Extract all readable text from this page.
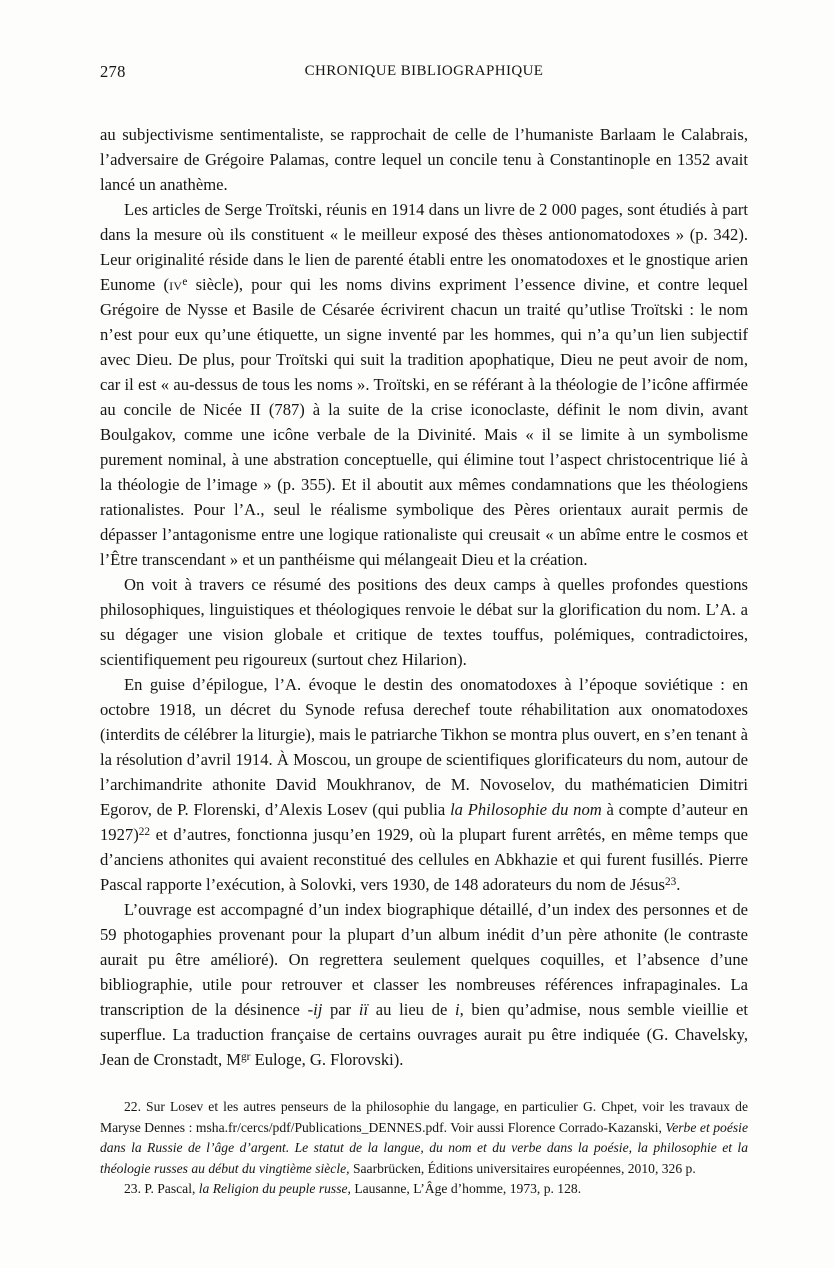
278	CHRONIQUE BIBLIOGRAPHIQUE

au subjectivisme sentimentaliste, se rapprochait de celle de l’humaniste Barlaam le Calabrais, l’adversaire de Grégoire Palamas, contre lequel un concile tenu à Constantinople en 1352 avait lancé un anathème.

Les articles de Serge Troïtski, réunis en 1914 dans un livre de 2 000 pages, sont étudiés à part dans la mesure où ils constituent « le meilleur exposé des thèses antionomatodoxes » (p. 342). Leur originalité réside dans le lien de parenté établi entre les onomatodoxes et le gnostique arien Eunome ($iv^e$ siècle), pour qui les noms divins expriment l’essence divine, et contre lequel Grégoire de Nysse et Basile de Césarée écrivirent chacun un traité qu’utlise Troïtski : le nom n’est pour eux qu’une étiquette, un signe inventé par les hommes, qui n’a qu’un lien subjectif avec Dieu. De plus, pour Troïtski qui suit la tradition apophatique, Dieu ne peut avoir de nom, car il est « au-dessus de tous les noms ». Troïtski, en se référant à la théologie de l’icône affirmée au concile de Nicée II (787) à la suite de la crise iconoclaste, définit le nom divin, avant Boulgakov, comme une icône verbale de la Divinité. Mais « il se limite à un symbolisme purement nominal, à une abstration conceptuelle, qui élimine tout l’aspect christocentrique lié à la théologie de l’image » (p. 355). Et il aboutit aux mêmes condamnations que les théologiens rationalistes. Pour l’A., seul le réalisme symbolique des Pères orientaux aurait permis de dépasser l’antagonisme entre une logique rationaliste qui creusait « un abîme entre le cosmos et l’Être transcendant » et un panthéisme qui mélangeait Dieu et la création.

On voit à travers ce résumé des positions des deux camps à quelles profondes questions philosophiques, linguistiques et théologiques renvoie le débat sur la glorification du nom. L’A. a su dégager une vision globale et critique de textes touffus, polémiques, contradictoires, scientifiquement peu rigoureux (surtout chez Hilarion).

En guise d’épilogue, l’A. évoque le destin des onomatodoxes à l’époque soviétique : en octobre 1918, un décret du Synode refusa derechef toute réhabilitation aux onomatodoxes (interdits de célébrer la liturgie), mais le patriarche Tikhon se montra plus ouvert, en s’en tenant à la résolution d’avril 1914. À Moscou, un groupe de scientifiques glorificateurs du nom, autour de l’archimandrite athonite David Moukhranov, de M. Novoselov, du mathématicien Dimitri Egorov, de P. Florenski, d’Alexis Losev (qui publia la Philosophie du nom à compte d’auteur en 1927)$^{22}$ et d’autres, fonctionna jusqu’en 1929, où la plupart furent arrêtés, en même temps que d’anciens athonites qui avaient reconstitué des cellules en Abkhazie et qui furent fusillés. Pierre Pascal rapporte l’exécution, à Solovki, vers 1930, de 148 adorateurs du nom de Jésus$^{23}$.

L’ouvrage est accompagné d’un index biographique détaillé, d’un index des personnes et de 59 photogaphies provenant pour la plupart d’un album inédit d’un père athonite (le contraste aurait pu être amélioré). On regrettera seulement quelques coquilles, et l’absence d’une bibliographie, utile pour retrouver et classer les nombreuses références infrapaginales. La transcription de la désinence -ij par iï au lieu de i, bien qu’admise, nous semble vieillie et superflue. La traduction française de certains ouvrages aurait pu être indiquée (G. Chavelsky, Jean de Cronstadt, $M^{gr}$ Euloge, G. Florovski).

22. Sur Losev et les autres penseurs de la philosophie du langage, en particulier G. Chpet, voir les travaux de Maryse Dennes : msha.fr/cercs/pdf/Publications_DENNES.pdf. Voir aussi Florence Corrado-Kazanski, Verbe et poésie dans la Russie de l’âge d’argent. Le statut de la langue, du nom et du verbe dans la poésie, la philosophie et la théologie russes au début du vingtième siècle, Saarbrücken, Éditions universitaires européennes, 2010, 326 p.

23. P. Pascal, la Religion du peuple russe, Lausanne, L’Âge d’homme, 1973, p. 128.
